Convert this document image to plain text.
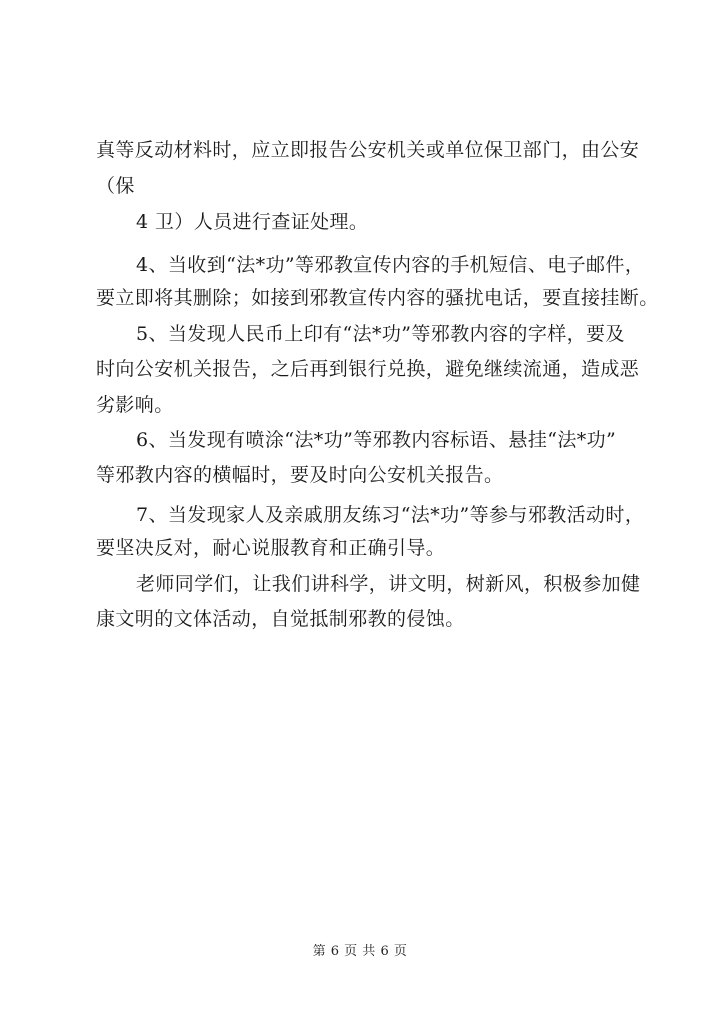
真等反动材料时，应立即报告公安机关或单位保卫部门，由公安
（保
4 卫）人员进行查证处理。
4、当收到“法*功”等邪教宣传内容的手机短信、电子邮件，
要立即将其删除；如接到邪教宣传内容的骚扰电话，要直接挂断。
5、当发现人民币上印有“法*功”等邪教内容的字样，要及
时向公安机关报告，之后再到银行兑换，避免继续流通，造成恶
劣影响。
6、当发现有喷涂“法*功”等邪教内容标语、悬挂“法*功”
等邪教内容的横幅时，要及时向公安机关报告。
7、当发现家人及亲戚朋友练习“法*功”等参与邪教活动时，
要坚决反对，耐心说服教育和正确引导。
老师同学们，让我们讲科学，讲文明，树新风，积极参加健
康文明的文体活动，自觉抵制邪教的侵蚀。
第 6 页 共 6 页
